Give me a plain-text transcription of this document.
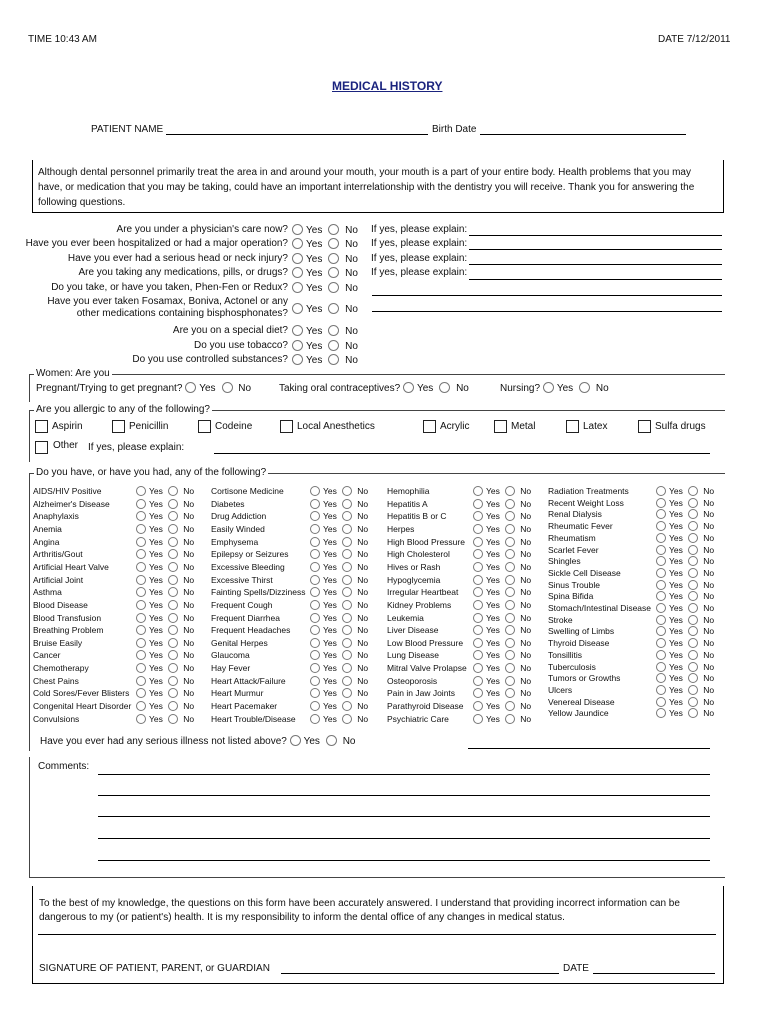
TIME 10:43 AM	DATE 7/12/2011
MEDICAL HISTORY
PATIENT NAME	Birth Date
Although dental personnel primarily treat the area in and around your mouth, your mouth is a part of your entire body. Health problems that you may have, or medication that you may be taking, could have an important interrelationship with the dentistry you will receive. Thank you for answering the following questions.
Are you under a physician's care now?	Yes No If yes, please explain:
Have you ever been hospitalized or had a major operation?	Yes No If yes, please explain:
Have you ever had a serious head or neck injury?	Yes No If yes, please explain:
Are you taking any medications, pills, or drugs?	Yes No If yes, please explain:
Do you take, or have you taken, Phen-Fen or Redux?	Yes No
Have you ever taken Fosamax, Boniva, Actonel or any
other medications containing bisphosphonates?	Yes No
Are you on a special diet?	Yes No
Do you use tobacco?	Yes No
Do you use controlled substances?	Yes No
Women: Are you
Pregnant/Trying to get pregnant? Yes No	Taking oral contraceptives? Yes No	Nursing? Yes No
Are you allergic to any of the following?
Aspirin	Penicillin	Codeine	Local Anesthetics	Acrylic	Metal	Latex	Sulfa drugs
Other If yes, please explain:
Do you have, or have you had, any of the following?
AIDS/HIV Positive	Yes No
Alzheimer's Disease	Yes No
Anaphylaxis	Yes No
Anemia	Yes No
Angina	Yes No
Arthritis/Gout	Yes No
Artificial Heart Valve	Yes No
Artificial Joint	Yes No
Asthma	Yes No
Blood Disease	Yes No
Blood Transfusion	Yes No
Breathing Problem	Yes No
Bruise Easily	Yes No
Cancer	Yes No
Chemotherapy	Yes No
Chest Pains	Yes No
Cold Sores/Fever Blisters	Yes No
Congenital Heart Disorder	Yes No
Convulsions	Yes No
Cortisone Medicine	Yes No
Diabetes	Yes No
Drug Addiction	Yes No
Easily Winded	Yes No
Emphysema	Yes No
Epilepsy or Seizures	Yes No
Excessive Bleeding	Yes No
Excessive Thirst	Yes No
Fainting Spells/Dizziness	Yes No
Frequent Cough	Yes No
Frequent Diarrhea	Yes No
Frequent Headaches	Yes No
Genital Herpes	Yes No
Glaucoma	Yes No
Hay Fever	Yes No
Heart Attack/Failure	Yes No
Heart Murmur	Yes No
Heart Pacemaker	Yes No
Heart Trouble/Disease	Yes No
Hemophilia	Yes No
Hepatitis A	Yes No
Hepatitis B or C	Yes No
Herpes	Yes No
High Blood Pressure	Yes No
High Cholesterol	Yes No
Hives or Rash	Yes No
Hypoglycemia	Yes No
Irregular Heartbeat	Yes No
Kidney Problems	Yes No
Leukemia	Yes No
Liver Disease	Yes No
Low Blood Pressure	Yes No
Lung Disease	Yes No
Mitral Valve Prolapse	Yes No
Osteoporosis	Yes No
Pain in Jaw Joints	Yes No
Parathyroid Disease	Yes No
Psychiatric Care	Yes No
Radiation Treatments	Yes No
Recent Weight Loss	Yes No
Renal Dialysis	Yes No
Rheumatic Fever	Yes No
Rheumatism	Yes No
Scarlet Fever	Yes No
Shingles	Yes No
Sickle Cell Disease	Yes No
Sinus Trouble	Yes No
Spina Bifida	Yes No
Stomach/Intestinal Disease	Yes No
Stroke	Yes No
Swelling of Limbs	Yes No
Thyroid Disease	Yes No
Tonsillitis	Yes No
Tuberculosis	Yes No
Tumors or Growths	Yes No
Ulcers	Yes No
Venereal Disease	Yes No
Yellow Jaundice	Yes No
Have you ever had any serious illness not listed above? Yes No
Comments:
To the best of my knowledge, the questions on this form have been accurately answered. I understand that providing incorrect information can be dangerous to my (or patient's) health. It is my responsibility to inform the dental office of any changes in medical status.
SIGNATURE OF PATIENT, PARENT, or GUARDIAN	DATE
